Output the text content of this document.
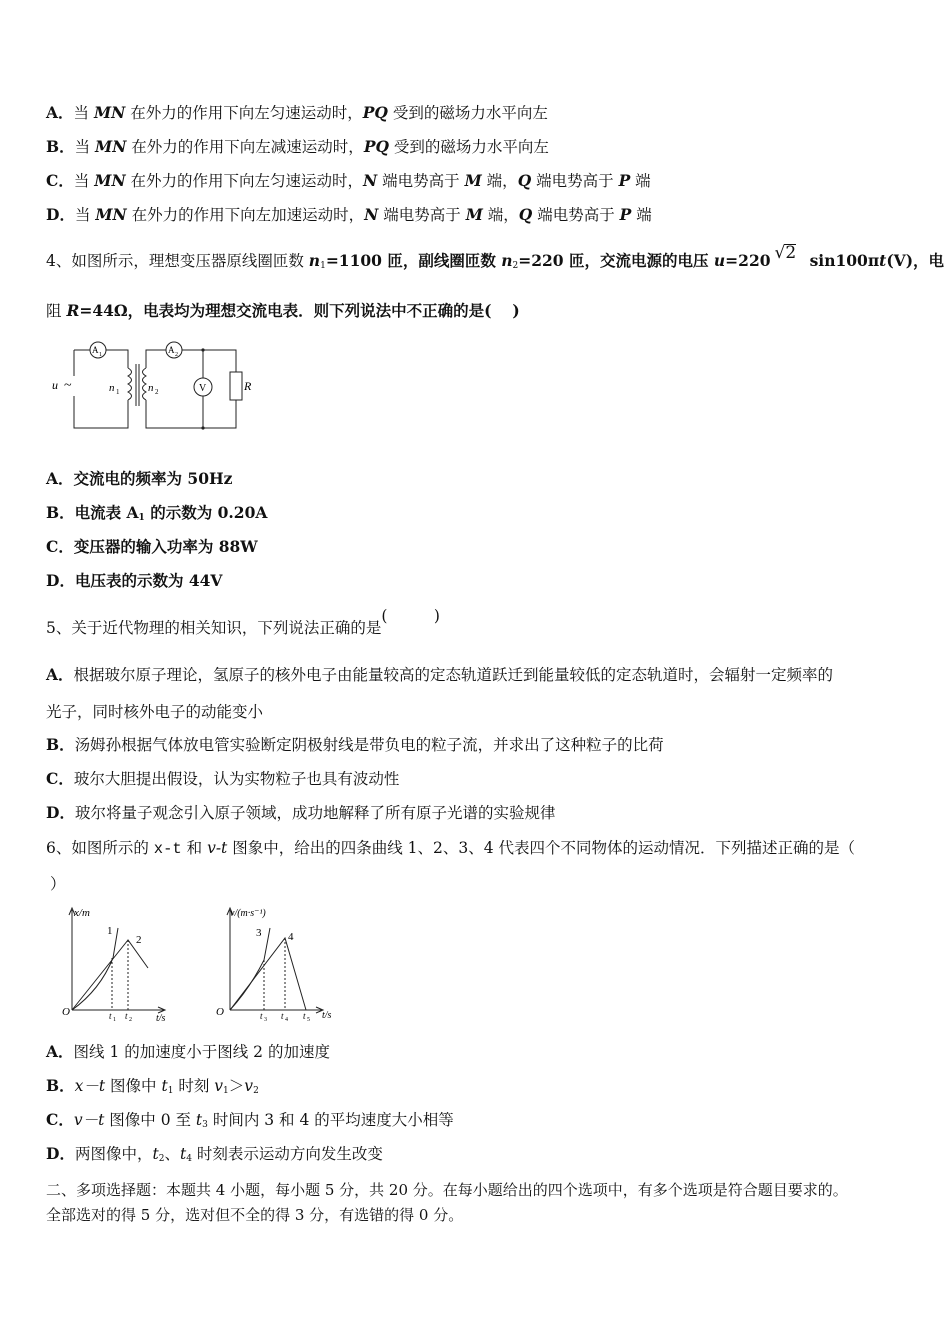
A．当 MN 在外力的作用下向左匀速运动时，PQ 受到的磁场力水平向左
B．当 MN 在外力的作用下向左减速运动时，PQ 受到的磁场力水平向左
C．当 MN 在外力的作用下向左匀速运动时，N 端电势高于 M 端，Q 端电势高于 P 端
D．当 MN 在外力的作用下向左加速运动时，N 端电势高于 M 端，Q 端电势高于 P 端
4、如图所示，理想变压器原线圈匝数 $n_1=1100$ 匝，副线圈匝数 $n_2=220$ 匝，交流电源的电压 u=220 √
2 sin100πt(V)，电
阻 R=44Ω，电表均为理想交流电表．则下列说法中不正确的是(　 )
u ~
A 1	A 2
n 1	n 2	V	R
A．交流电的频率为 50Hz
B．电流表 $A_1$ 的示数为 0.20A
C．变压器的输入功率为 88W
D．电压表的示数为 44V
5、关于近代物理的相关知识，下列说法正确的是(　　　)
A．根据玻尔原子理论，氢原子的核外电子由能量较高的定态轨道跃迁到能量较低的定态轨道时，会辐射一定频率的
光子，同时核外电子的动能变小
B．汤姆孙根据气体放电管实验断定阴极射线是带负电的粒子流，并求出了这种粒子的比荷
C．玻尔大胆提出假设，认为实物粒子也具有波动性
D．玻尔将量子观念引入原子领域，成功地解释了所有原子光谱的实验规律
6、如图所示的 x-t 和 v-t 图象中，给出的四条曲线 1、2、3、4 代表四个不同物体的运动情况．下列描述正确的是（
）
x/m
O
t/s
1
2
t 1 t 2
v/(m·s⁻¹)
O	t/s
3 4
t 3 t 4 t 5
A．图线 1 的加速度小于图线 2 的加速度
B．x－t 图像中 $t_1$ 时刻 $v_1>v_2$
C．v－t 图像中 0 至 $t_3$ 时间内 3 和 4 的平均速度大小相等
D．两图像中，$t_2$、$t_4$ 时刻表示运动方向发生改变
二、多项选择题：本题共 4 小题，每小题 5 分，共 20 分。在每小题给出的四个选项中，有多个选项是符合题目要求的。
全部选对的得 5 分，选对但不全的得 3 分，有选错的得 0 分。
